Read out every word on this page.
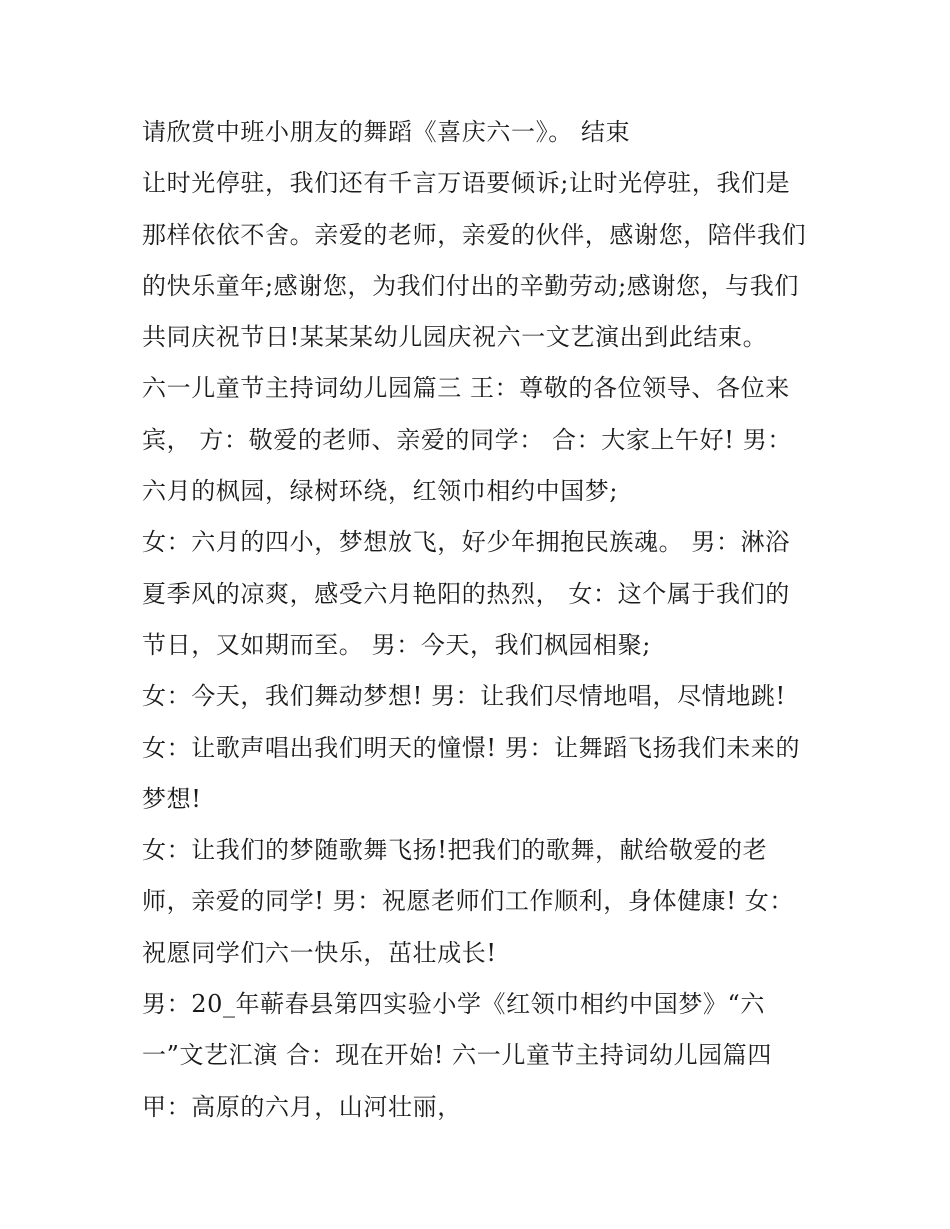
请欣赏中班小朋友的舞蹈《喜庆六一》。 结束
让时光停驻，我们还有千言万语要倾诉;让时光停驻，我们是
那样依依不舍。亲爱的老师，亲爱的伙伴，感谢您，陪伴我们
的快乐童年;感谢您，为我们付出的辛勤劳动;感谢您，与我们
共同庆祝节日!某某某幼儿园庆祝六一文艺演出到此结束。
六一儿童节主持词幼儿园篇三 王：尊敬的各位领导、各位来
宾， 方：敬爱的老师、亲爱的同学： 合：大家上午好! 男：
六月的枫园，绿树环绕，红领巾相约中国梦;
女：六月的四小，梦想放飞，好少年拥抱民族魂。 男：淋浴
夏季风的凉爽，感受六月艳阳的热烈， 女：这个属于我们的
节日，又如期而至。 男：今天，我们枫园相聚;
女：今天，我们舞动梦想! 男：让我们尽情地唱，尽情地跳!
女：让歌声唱出我们明天的憧憬! 男：让舞蹈飞扬我们未来的
梦想!
女：让我们的梦随歌舞飞扬!把我们的歌舞，献给敬爱的老
师，亲爱的同学! 男：祝愿老师们工作顺利，身体健康! 女：
祝愿同学们六一快乐，茁壮成长!
男：20_年蕲春县第四实验小学《红领巾相约中国梦》“六
一”文艺汇演 合：现在开始! 六一儿童节主持词幼儿园篇四
甲：高原的六月，山河壮丽，
